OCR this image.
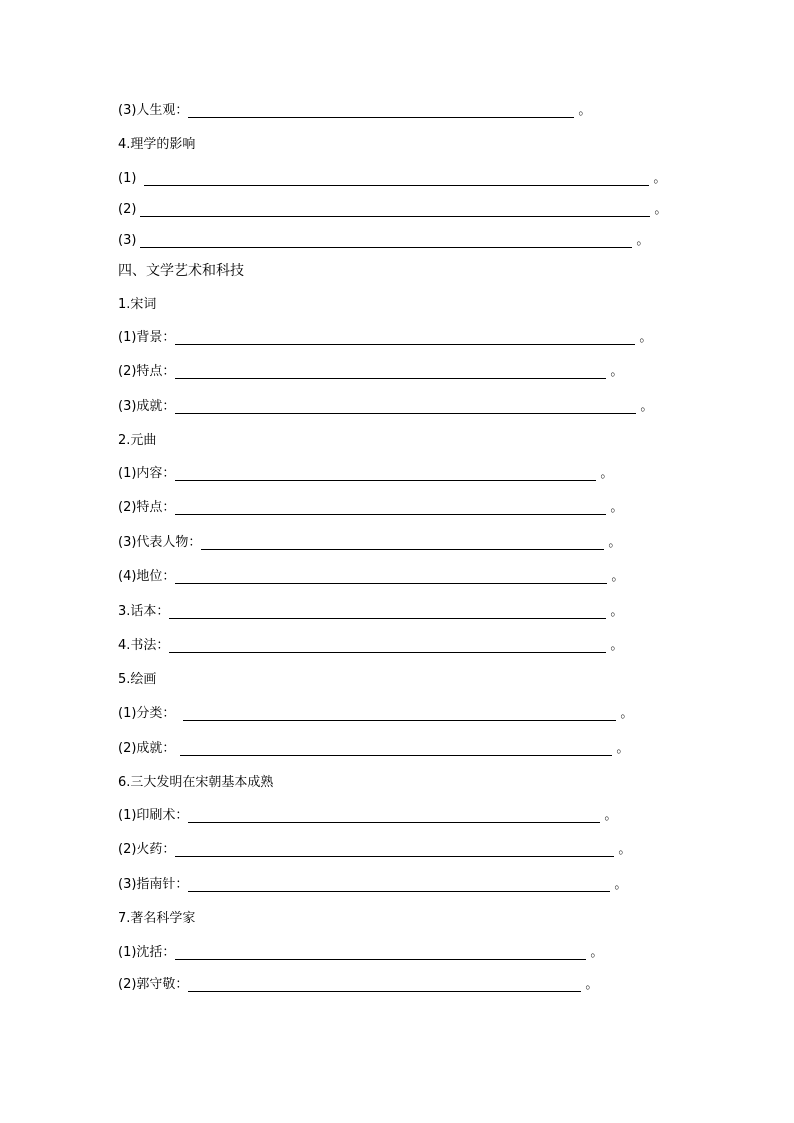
(3)人生观：	。
4.理学的影响
(1)	。
(2)	。
(3)	。
四、文学艺术和科技
1.宋词
(1)背景：	。
(2)特点：	。
(3)成就：	。
2.元曲
(1)内容：	。
(2)特点：	。
(3)代表人物：	。
(4)地位：	。
3.话本：	。
4.书法：	。
5.绘画
(1)分类：	。
(2)成就：	。
6.三大发明在宋朝基本成熟
(1)印刷术：	。
(2)火药：	。
(3)指南针：	。
7.著名科学家
(1)沈括：	。
(2)郭守敬：	。
